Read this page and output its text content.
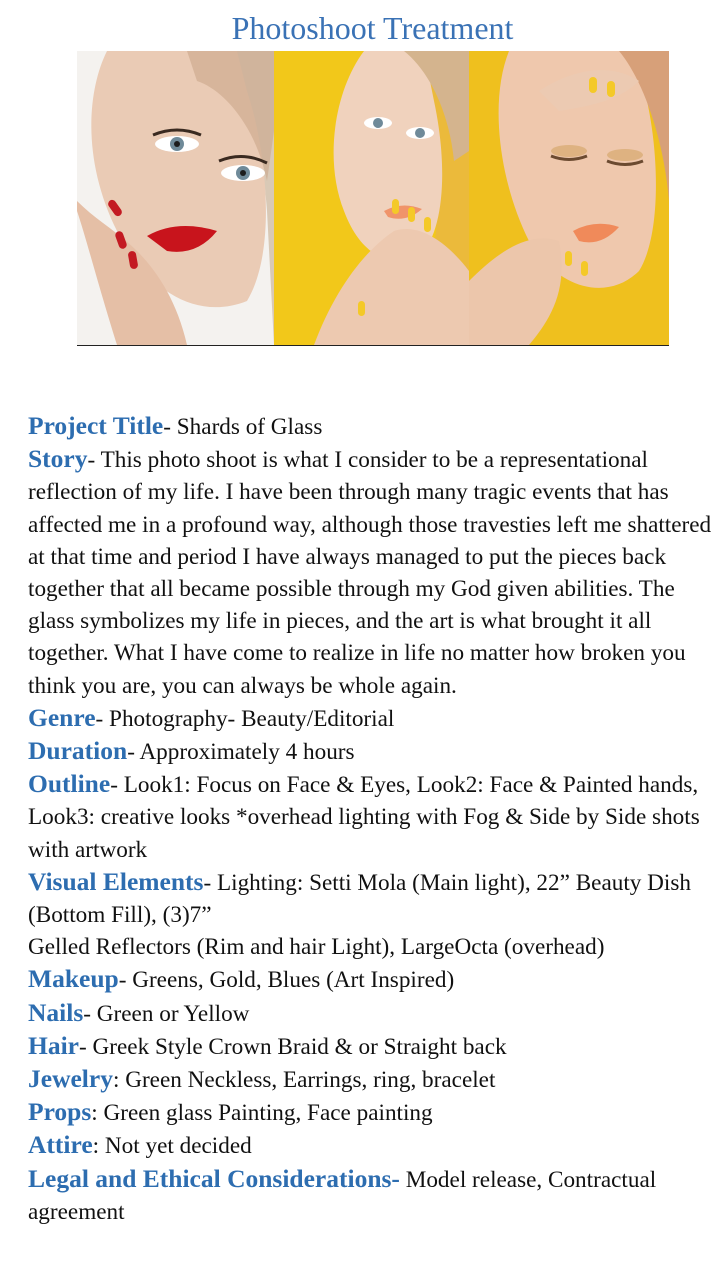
Photoshoot Treatment

Project Title- Shards of Glass

Story- This photo shoot is what I consider to be a representational reflection of my life. I have been through many tragic events that has affected me in a profound way, although those travesties left me shattered at that time and period I have always managed to put the pieces back together that all became possible through my God given abilities. The glass symbolizes my life in pieces, and the art is what brought it all together. What I have come to realize in life no matter how broken you think you are, you can always be whole again.

Genre- Photography- Beauty/Editorial

Duration- Approximately 4 hours

Outline- Look1: Focus on Face & Eyes, Look2: Face & Painted hands, Look3: creative looks *overhead lighting with Fog & Side by Side shots with artwork

Visual Elements- Lighting: Setti Mola (Main light), 22” Beauty Dish (Bottom Fill), (3)7”
Gelled Reflectors (Rim and hair Light), LargeOcta (overhead)

Makeup- Greens, Gold, Blues (Art Inspired)

Nails- Green or Yellow

Hair- Greek Style Crown Braid & or Straight back

Jewelry: Green Neckless, Earrings, ring, bracelet

Props: Green glass Painting, Face painting

Attire: Not yet decided

Legal and Ethical Considerations- Model release, Contractual agreement
